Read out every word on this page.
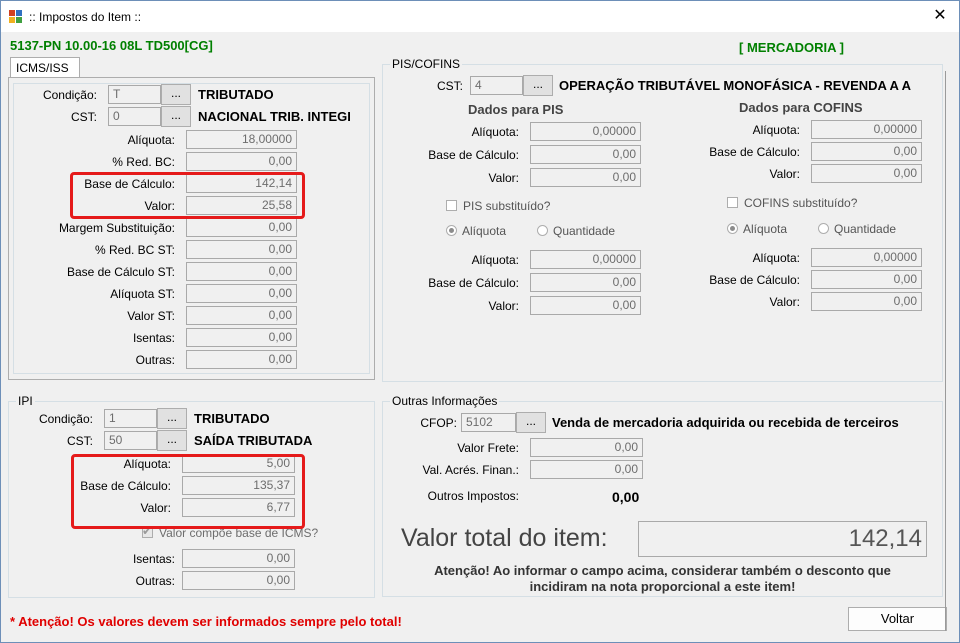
:: Impostos do Item ::	✕
5137-PN 10.00-16 08L TD500[CG]	[ MERCADORIA ]
ICMS/ISS
Condição:	T	...	TRIBUTADO
CST:	0	...	NACIONAL TRIB. INTEGI
Alíquota:	18,00000
% Red. BC:	0,00
Base de Cálculo:	142,14
Valor:	25,58
Margem Substituição:	0,00
% Red. BC ST:	0,00
Base de Cálculo ST:	0,00
Alíquota ST:	0,00
Valor ST:	0,00
Isentas:	0,00
Outras:	0,00
IPI
Condição:	1	...	TRIBUTADO
CST:	50	...	SAÍDA TRIBUTADA
Alíquota:	5,00
Base de Cálculo:	135,37
Valor:	6,77
✔ Valor compõe base de ICMS?
Isentas:	0,00
Outras:	0,00
PIS/COFINS
CST:	4	...	OPERAÇÃO TRIBUTÁVEL MONOFÁSICA - REVENDA A A
Dados para PIS	Dados para COFINS
Alíquota:	0,00000
Base de Cálculo:	0,00
Valor:	0,00
Alíquota:	0,00000
Base de Cálculo:	0,00
Valor:	0,00
Alíquota:	0,00000
Base de Cálculo:	0,00
Valor:	0,00
Alíquota:	0,00000
Base de Cálculo:	0,00
Valor:	0,00
PIS substituído?
Alíquota	Quantidade
COFINS substituído?
Alíquota	Quantidade
Outras Informações
CFOP: 5102	...	Venda de mercadoria adquirida ou recebida de terceiros
Valor Frete:	0,00
Val. Acrés. Finan.:	0,00
Outros Impostos:	0,00
Valor total do item:	142,14
Atenção! Ao informar o campo acima, considerar também o desconto que
incidiram na nota proporcional a este item!
* Atenção! Os valores devem ser informados sempre pelo total!	Voltar
